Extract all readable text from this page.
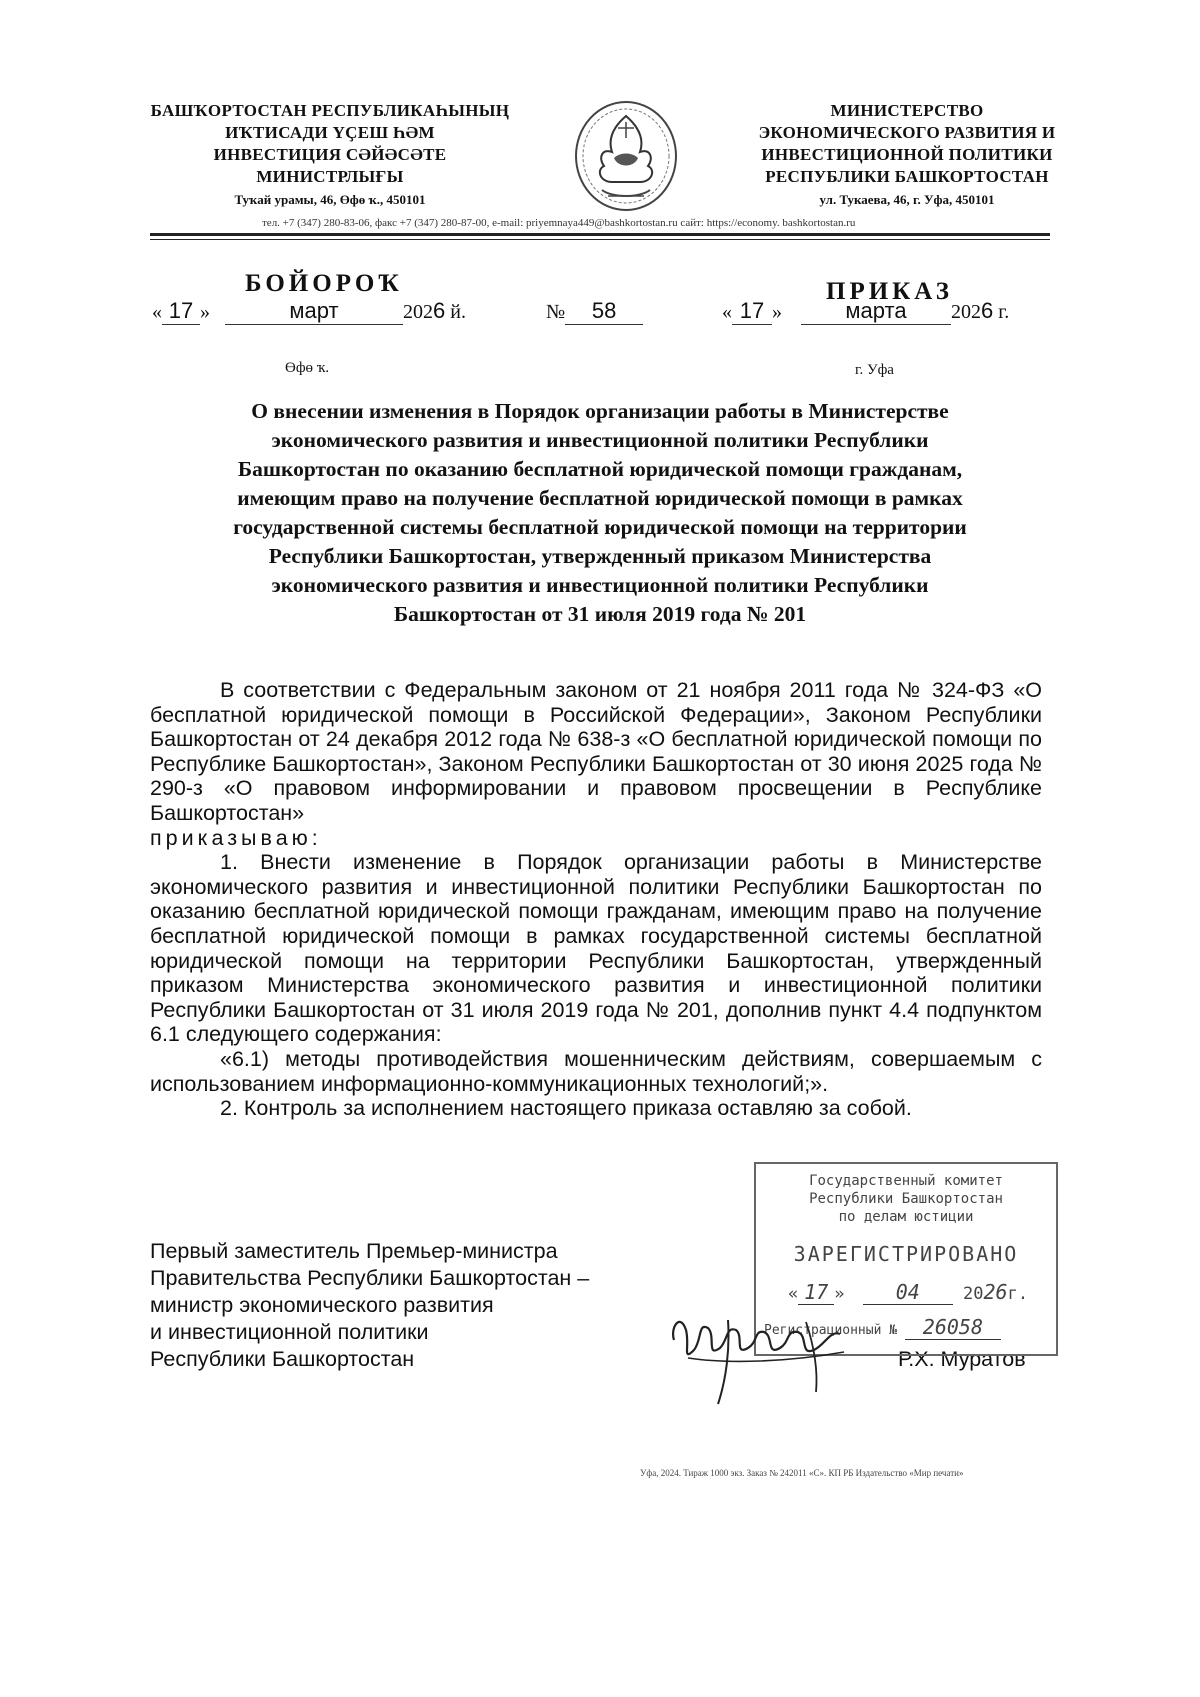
БАШҠОРТОСТАН РЕСПУБЛИКАҺЫНЫҢ
ИҠТИСАДИ ҮҪЕШ ҺӘМ
ИНВЕСТИЦИЯ СӘЙӘСӘТЕ
МИНИСТРЛЫҒЫ
Туҡай урамы, 46, Өфө ҡ., 450101
МИНИСТЕРСТВО
ЭКОНОМИЧЕСКОГО РАЗВИТИЯ И
ИНВЕСТИЦИОННОЙ ПОЛИТИКИ
РЕСПУБЛИКИ БАШКОРТОСТАН
ул. Тукаева, 46, г. Уфа, 450101
тел. +7 (347) 280-83-06, факс +7 (347) 280-87-00, e-mail: priyemnaya449@bashkortostan.ru сайт: https://economy. bashkortostan.ru
БОЙОРОҠ	ПРИКАЗ
« 17 »	март	2026 й.	№ 58	« 17 »	марта 2026 г.
Өфө ҡ.	г. Уфа
О внесении изменения в Порядок организации работы в Министерстве
экономического развития и инвестиционной политики Республики
Башкортостан по оказанию бесплатной юридической помощи гражданам,
имеющим право на получение бесплатной юридической помощи в рамках
государственной системы бесплатной юридической помощи на территории
Республики Башкортостан, утвержденный приказом Министерства
экономического развития и инвестиционной политики Республики
Башкортостан от 31 июля 2019 года № 201

В соответствии с Федеральным законом от 21 ноября 2011 года № 324-ФЗ «О бесплатной юридической помощи в Российской Федерации», Законом Республики Башкортостан от 24 декабря 2012 года № 638-з «О бесплатной юридической помощи по Республике Башкортостан», Законом Республики Башкортостан от 30 июня 2025 года № 290-з «О правовом информировании и правовом просвещении в Республике Башкортостан»

приказываю:

1. Внести изменение в Порядок организации работы в Министерстве экономического развития и инвестиционной политики Республики Башкортостан по оказанию бесплатной юридической помощи гражданам, имеющим право на получение бесплатной юридической помощи в рамках государственной системы бесплатной юридической помощи на территории Республики Башкортостан, утвержденный приказом Министерства экономического развития и инвестиционной политики Республики Башкортостан от 31 июля 2019 года № 201, дополнив пункт 4.4 подпунктом 6.1 следующего содержания:

«6.1) методы противодействия мошенническим действиям, совершаемым с использованием информационно-коммуникационных технологий;».

2. Контроль за исполнением настоящего приказа оставляю за собой.

Первый заместитель Премьер-министра
Правительства Республики Башкортостан –
министр экономического развития
и инвестиционной политики
Республики Башкортостан	Р.Х. Муратов
Государственный комитет
Республики Башкортостан
по делам юстиции
ЗАРЕГИСТРИРОВАНО
« 17 »	04	2026г.
Регистрационный № 26058
Уфа, 2024. Тираж 1000 экз. Заказ № 242011 «С». КП РБ Издательство «Мир печати»
